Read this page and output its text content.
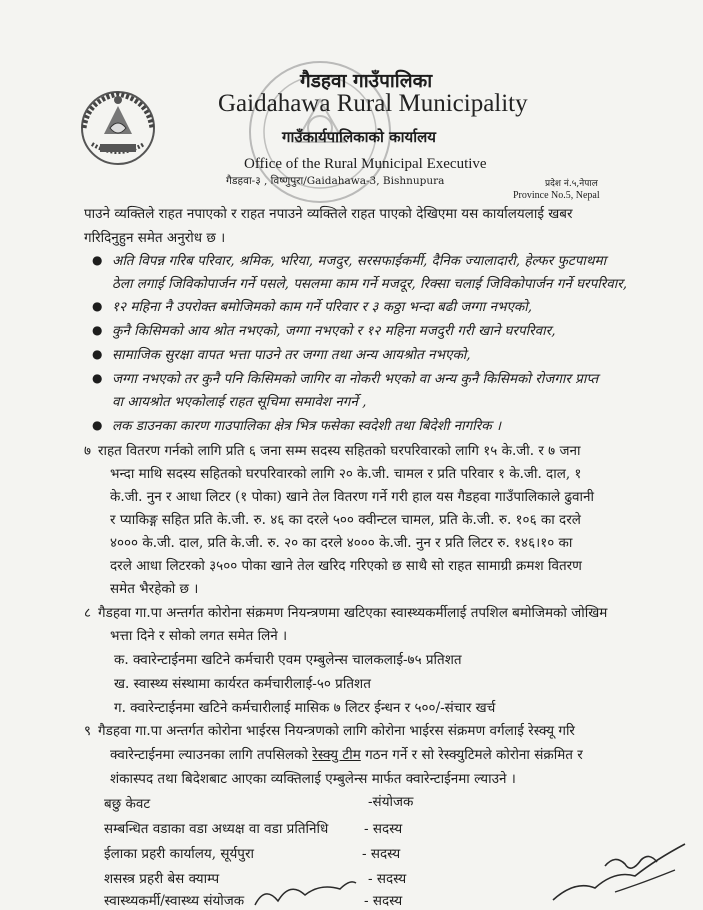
गैडहवा गाउँपालिका
Gaidahawa Rural Municipality
गाउँकार्यपालिकाको कार्यालय
Office of the Rural Municipal Executive
गैडहवा-३ , विष्णुपुरा/Gaidahawa-3, Bishnupura	प्रदेश नं.५,नेपाल
Province No.5, Nepal
पाउने व्यक्तिले राहत नपाएको र राहत नपाउने व्यक्तिले राहत पाएको देखिएमा यस कार्यालयलाई खबर
गरिदिनुहुन समेत अनुरोध छ ।
● अति विपन्न गरिब परिवार, श्रमिक, भरिया, मजदुर, सरसफाईकर्मी, दैनिक ज्यालादारी, हेल्फर फुटपाथमा
ठेला लगाई जिविकोपार्जन गर्ने पसले, पसलमा काम गर्ने मजदूर, रिक्सा चलाई जिविकोपार्जन गर्ने घरपरिवार,
● १२ महिना नै उपरोक्त बमोजिमको काम गर्ने परिवार र ३ कठ्ठा भन्दा बढी जग्गा नभएको,
● कुनै किसिमको आय श्रोत नभएको, जग्गा नभएको र १२ महिना मजदुरी गरी खाने घरपरिवार,
● सामाजिक सुरक्षा वापत भत्ता पाउने तर जग्गा तथा अन्य आयश्रोत नभएको,
● जग्गा नभएको तर कुनै पनि किसिमको जागिर वा नोकरी भएको वा अन्य कुनै किसिमको रोजगार प्राप्त
वा आयश्रोत भएकोलाई राहत सूचिमा समावेश नगर्ने ,
● लक डाउनका कारण गाउपालिका क्षेत्र भित्र फसेका स्वदेशी तथा बिदेशी नागरिक ।
७ राहत वितरण गर्नको लागि प्रति ६ जना सम्म सदस्य सहितको घरपरिवारको लागि १५ के.जी. र ७ जना
भन्दा माथि सदस्य सहितको घरपरिवारको लागि २० के.जी. चामल र प्रति परिवार १ के.जी. दाल, १
के.जी. नुन र आधा लिटर (१ पोका) खाने तेल वितरण गर्ने गरी हाल यस गैडहवा गाउँपालिकाले ढुवानी
र प्याकिङ्ग सहित प्रति के.जी. रु. ४६ का दरले ५०० क्वीन्टल चामल, प्रति के.जी. रु. १०६ का दरले
४००० के.जी. दाल, प्रति के.जी. रु. २० का दरले ४००० के.जी. नुन र प्रति लिटर रु. १४६।१० का
दरले आधा लिटरको ३५०० पोका खाने तेल खरिद गरिएको छ साथै सो राहत सामाग्री क्रमश वितरण
समेत भैरहेको छ ।
८ गैडहवा गा.पा अन्तर्गत कोरोना संक्रमण नियन्त्रणमा खटिएका स्वास्थ्यकर्मीलाई तपशिल बमोजिमको जोखिम
भत्ता दिने र सोको लगत समेत लिने ।
क. क्वारेन्टाईनमा खटिने कर्मचारी एवम एम्बुलेन्स चालकलाई-७५ प्रतिशत
ख. स्वास्थ्य संस्थामा कार्यरत कर्मचारीलाई-५० प्रतिशत
ग. क्वारेन्टाईनमा खटिने कर्मचारीलाई मासिक ७ लिटर ईन्धन र ५००/-संचार खर्च
९ गैडहवा गा.पा अन्तर्गत कोरोना भाईरस नियन्त्रणको लागि कोरोना भाईरस संक्रमण वर्गलाई रेस्क्यू गरि
क्वारेन्टाईनमा ल्याउनका लागि तपसिलको रेस्क्यु टीम गठन गर्ने र सो रेस्क्युटिमले कोरोना संक्रमित र
शंकास्पद तथा बिदेशबाट आएका व्यक्तिलाई एम्बुलेन्स मार्फत क्वारेन्टाईनमा ल्याउने ।
बछु केवट	-संयोजक
सम्बन्धित वडाका वडा अध्यक्ष वा वडा प्रतिनिधि	- सदस्य
ईलाका प्रहरी कार्यालय, सूर्यपुरा	- सदस्य
शसस्त्र प्रहरी बेस क्याम्प	- सदस्य
स्वास्थ्यकर्मी/स्वास्थ्य संयोजक	- सदस्य
